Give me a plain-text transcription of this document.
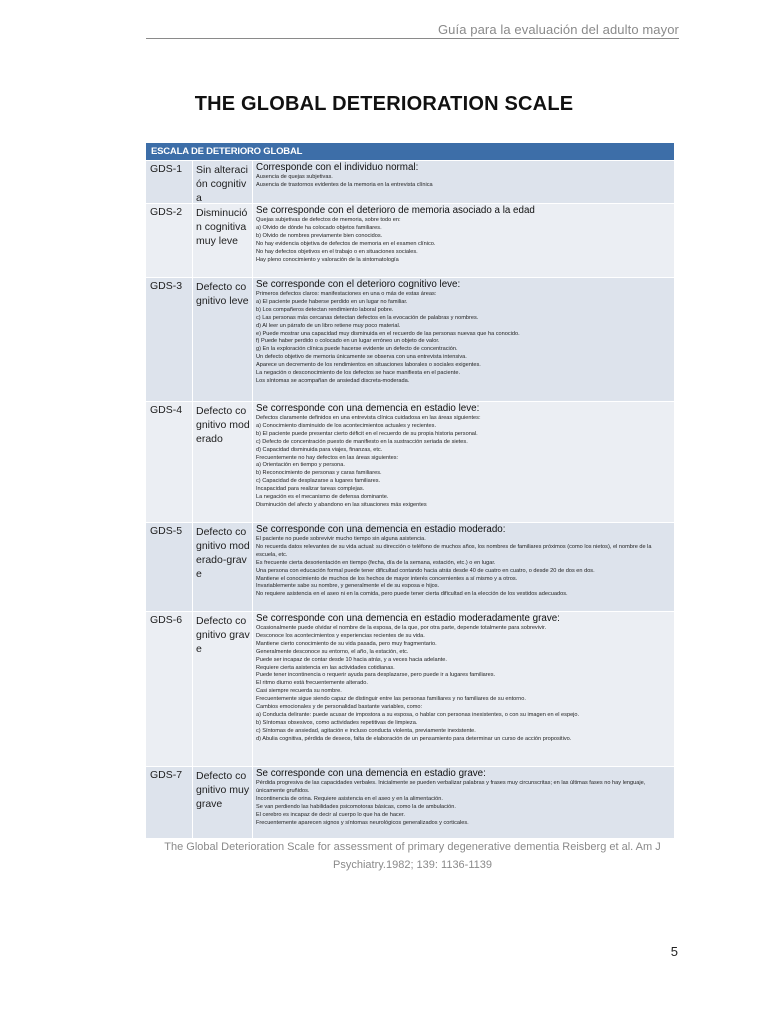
Guía para la evaluación del adulto mayor
THE GLOBAL DETERIORATION SCALE
ESCALA DE DETERIORO GLOBAL
GDS-1	Sin alteración cognitiva
Corresponde con el individuo normal:
Ausencia de quejas subjetivas.
Ausencia de trastornos evidentes de la memoria en la entrevista clínica
GDS-2	Disminución cognitiva muy leve
Se corresponde con el deterioro de memoria asociado a la edad
Quejas subjetivas de defectos de memoria, sobre todo en:
a) Olvido de dónde ha colocado objetos familiares.
b) Olvido de nombres previamente bien conocidos.
No hay evidencia objetiva de defectos de memoria en el examen clínico.
No hay defectos objetivos en el trabajo o en situaciones sociales.
Hay pleno conocimiento y valoración de la sintomatología
GDS-3	Defecto cognitivo leve
Se corresponde con el deterioro cognitivo leve:
Primeros defectos claros: manifestaciones en una o más de estas áreas:
a) El paciente puede haberse perdido en un lugar no familiar.
b) Los compañeros detectan rendimiento laboral pobre.
c) Las personas más cercanas detectan defectos en la evocación de palabras y nombres.
d) Al leer un párrafo de un libro retiene muy poco material.
e) Puede mostrar una capacidad muy disminuida en el recuerdo de las personas nuevas que ha conocido.
f) Puede haber perdido o colocado en un lugar erróneo un objeto de valor.
g) En la exploración clínica puede hacerse evidente un defecto de concentración.
Un defecto objetivo de memoria únicamente se observa con una entrevista intensiva.
Aparece un decremento de los rendimientos en situaciones laborales o sociales exigentes.
La negación o desconocimiento de los defectos se hace manifiesta en el paciente.
Los síntomas se acompañan de ansiedad discreta-moderada.
GDS-4	Defecto cognitivo moderado
Se corresponde con una demencia en estadio leve:
Defectos claramente definidos en una entrevista clínica cuidadosa en las áreas siguientes:
a) Conocimiento disminuido de los acontecimientos actuales y recientes.
b) El paciente puede presentar cierto déficit en el recuerdo de su propia historia personal.
c) Defecto de concentración puesto de manifiesto en la sustracción seriada de sietes.
d) Capacidad disminuida para viajes, finanzas, etc.
Frecuentemente no hay defectos en las áreas siguientes:
a) Orientación en tiempo y persona.
b) Reconocimiento de personas y caras familiares.
c) Capacidad de desplazarse a lugares familiares.
Incapacidad para realizar tareas complejas.
La negación es el mecanismo de defensa dominante.
Disminución del afecto y abandono en las situaciones más exigentes
GDS-5	Defecto cognitivo moderado-grave
Se corresponde con una demencia en estadio moderado:
El paciente no puede sobrevivir mucho tiempo sin alguna asistencia.
No recuerda datos relevantes de su vida actual: su dirección o teléfono de muchos años, los nombres de familiares próximos (como los nietos), el nombre de la escuela, etc.
Es frecuente cierta desorientación en tiempo (fecha, día de la semana, estación, etc.) o en lugar.
Una persona con educación formal puede tener dificultad contando hacia atrás desde 40 de cuatro en cuatro, o desde 20 de dos en dos.
Mantiene el conocimiento de muchos de los hechos de mayor interés concernientes a sí mismo y a otros.
Invariablemente sabe su nombre, y generalmente el de su esposa e hijos.
No requiere asistencia en el aseo ni en la comida, pero puede tener cierta dificultad en la elección de los vestidos adecuados.
GDS-6	Defecto cognitivo grave
Se corresponde con una demencia en estadio moderadamente grave:
Ocasionalmente puede olvidar el nombre de la esposa, de la que, por otra parte, depende totalmente para sobrevivir.
Desconoce los acontecimientos y experiencias recientes de su vida.
Mantiene cierto conocimiento de su vida pasada, pero muy fragmentario.
Generalmente desconoce su entorno, el año, la estación, etc.
Puede ser incapaz de contar desde 10 hacia atrás, y a veces hacia adelante.
Requiere cierta asistencia en las actividades cotidianas.
Puede tener incontinencia o requerir ayuda para desplazarse, pero puede ir a lugares familiares.
El ritmo diurno está frecuentemente alterado.
Casi siempre recuerda su nombre.
Frecuentemente sigue siendo capaz de distinguir entre las personas familiares y no familiares de su entorno.
Cambios emocionales y de personalidad bastante variables, como:
a) Conducta delirante: puede acusar de impostora a su esposa, o hablar con personas inexistentes, o con su imagen en el espejo.
b) Síntomas obsesivos, como actividades repetitivas de limpieza.
c) Síntomas de ansiedad, agitación e incluso conducta violenta, previamente inexistente.
d) Abulia cognitiva, pérdida de deseos, falta de elaboración de un pensamiento para determinar un curso de acción propositivo.
GDS-7	Defecto cognitivo muy grave
Se corresponde con una demencia en estadio grave:
Pérdida progresiva de las capacidades verbales. Inicialmente se pueden verbalizar palabras y frases muy circunscritas; en las últimas fases no hay lenguaje, únicamente gruñidos.
Incontinencia de orina. Requiere asistencia en el aseo y en la alimentación.
Se van perdiendo las habilidades psicomotoras básicas, como la de ambulación.
El cerebro es incapaz de decir al cuerpo lo que ha de hacer.
Frecuentemente aparecen signos y síntomas neurológicos generalizados y corticales.
The Global Deterioration Scale for assessment of primary degenerative dementia Reisberg et al. Am J Psychiatry.1982; 139: 1136-1139
5
